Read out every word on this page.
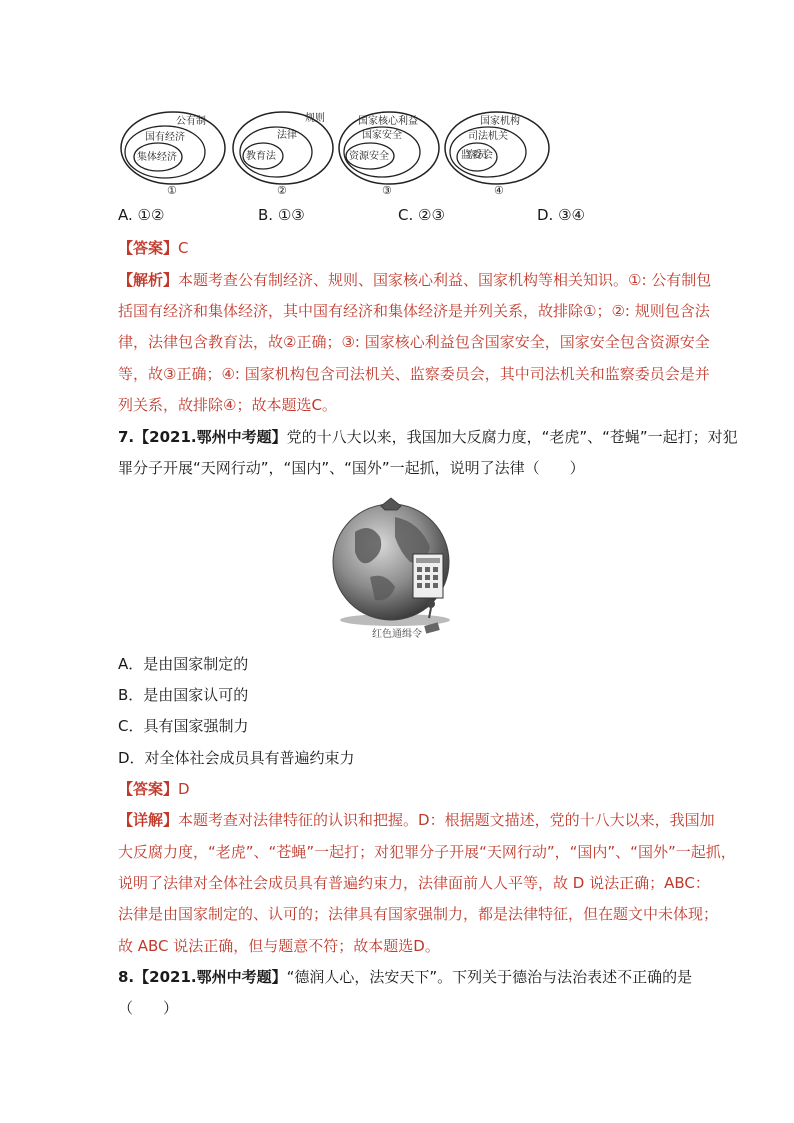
公有制
国有经济
集体经济
①
规则
法律
教育法
②
国家核心利益
国家安全
资源安全
③
国家机构
司法机关
监察委员会
④
A. ①②	B. ①③	C. ②③	D. ③④
【答案】C
【解析】本题考查公有制经济、规则、国家核心利益、国家机构等相关知识。①: 公有制包
括国有经济和集体经济，其中国有经济和集体经济是并列关系，故排除①；②: 规则包含法
律，法律包含教育法，故②正确；③: 国家核心利益包含国家安全，国家安全包含资源安全
等，故③正确；④: 国家机构包含司法机关、监察委员会，其中司法机关和监察委员会是并
列关系，故排除④；故本题选C。
7.【2021.鄂州中考题】党的十八大以来，我国加大反腐力度，“老虎”、“苍蝇”一起打；对犯
罪分子开展“天网行动”，“国内”、“国外”一起抓，说明了法律（　　）
红色通缉令
A．是由国家制定的
B．是由国家认可的
C．具有国家强制力
D．对全体社会成员具有普遍约束力
【答案】D
【详解】本题考查对法律特征的认识和把握。D：根据题文描述，党的十八大以来，我国加
大反腐力度，“老虎”、“苍蝇”一起打；对犯罪分子开展“天网行动”，“国内”、“国外”一起抓，
说明了法律对全体社会成员具有普遍约束力，法律面前人人平等，故 D 说法正确；ABC：
法律是由国家制定的、认可的；法律具有国家强制力，都是法律特征，但在题文中未体现；
故 ABC 说法正确，但与题意不符；故本题选D。
8.【2021.鄂州中考题】“德润人心，法安天下”。下列关于德治与法治表述不正确的是
（　　）
